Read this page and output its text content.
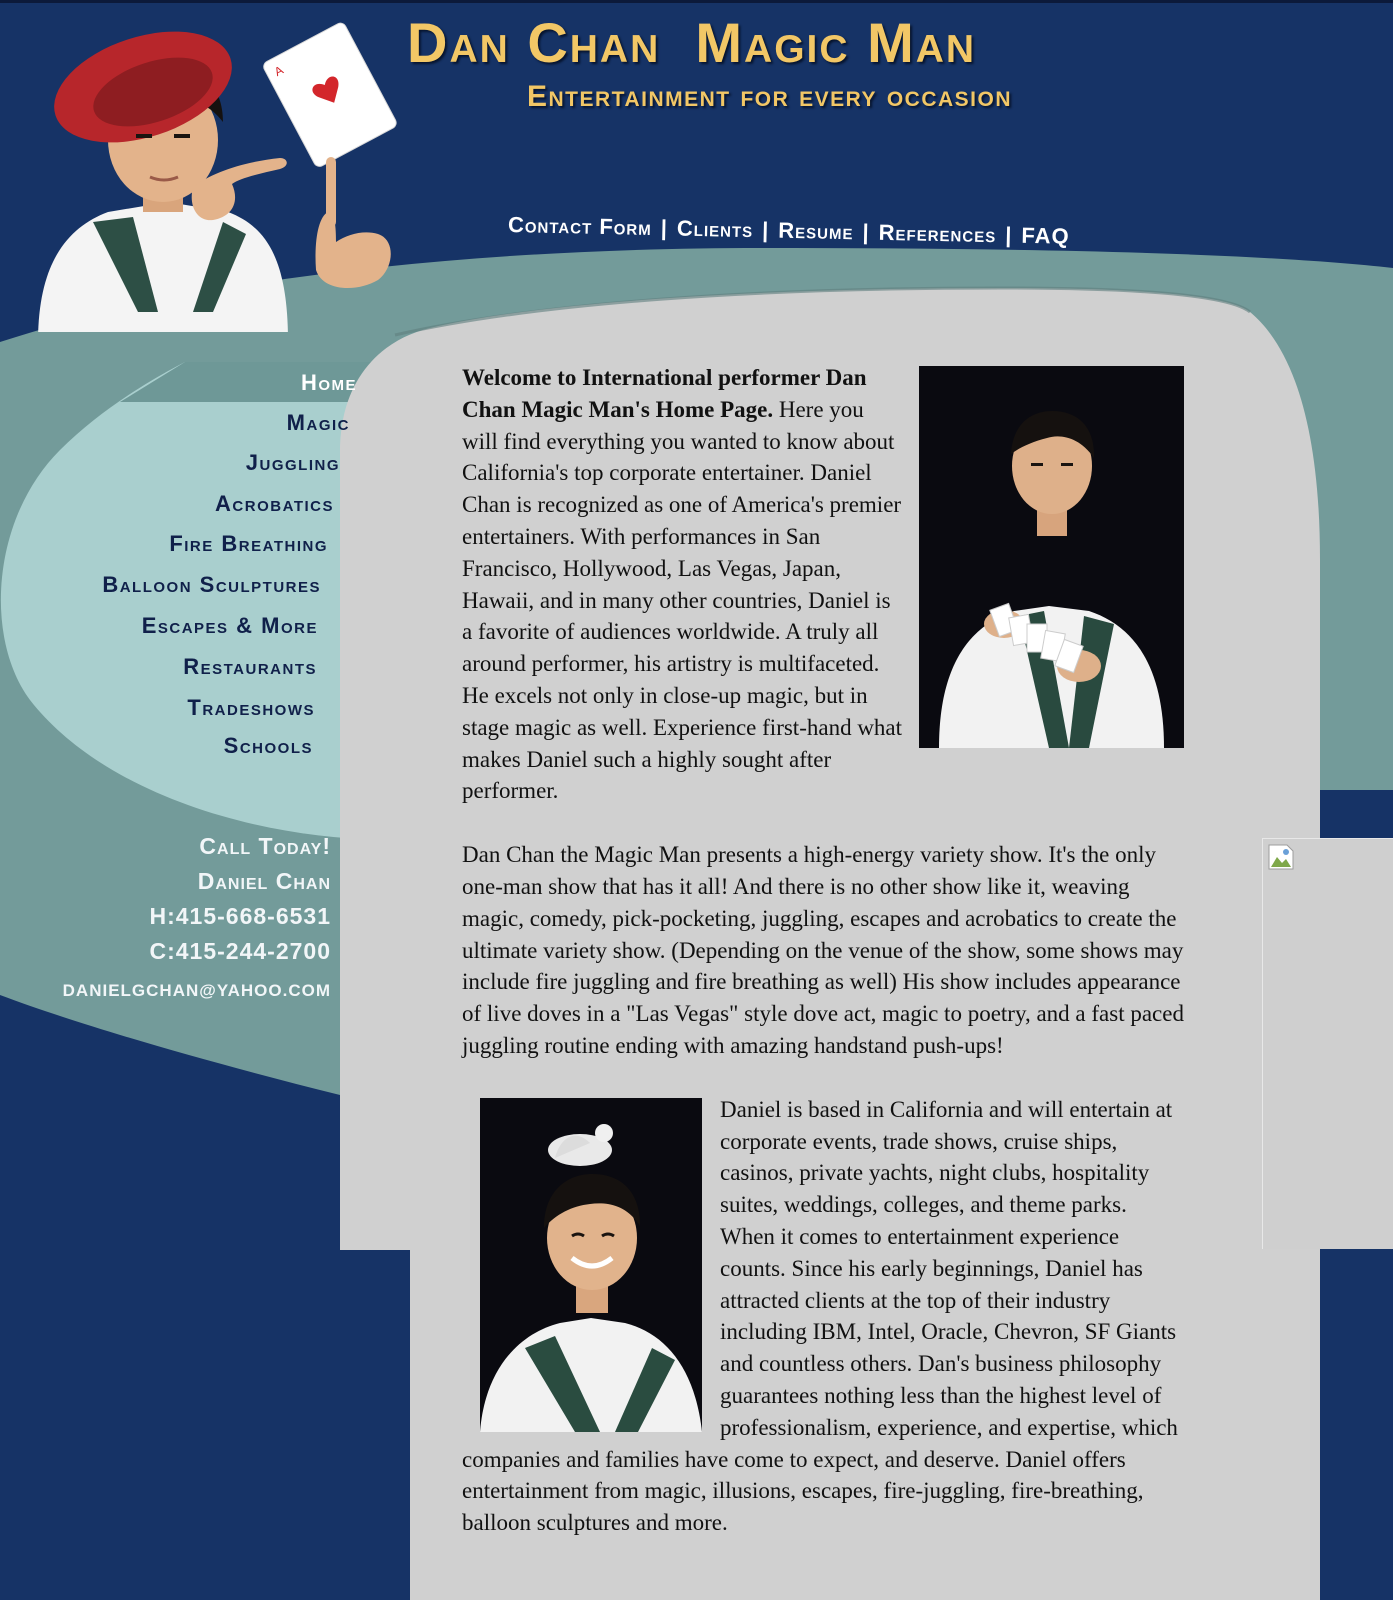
A Dan Chan  Magic Man
Entertainment for every occasion
Contact Form | Clients | Resume | References | FAQ
Home
Magic
Juggling
Acrobatics
Fire Breathing
Balloon Sculptures
Escapes & More
Restaurants
Tradeshows
Schools
Call Today!
Daniel Chan
H:415-668-6531
C:415-244-2700
DANIELGCHAN@YAHOO.COM

Welcome to International performer Dan Chan Magic Man's Home Page. Here you will find everything you wanted to know about California's top corporate entertainer. Daniel Chan is recognized as one of America's premier entertainers. With performances in San Francisco, Hollywood, Las Vegas, Japan, Hawaii, and in many other countries, Daniel is a favorite of audiences worldwide. A truly all around performer, his artistry is multifaceted. He excels not only in close-up magic, but in stage magic as well. Experience first-hand what makes Daniel such a highly sought after performer.

Dan Chan the Magic Man presents a high-energy variety show. It's the only one-man show that has it all! And there is no other show like it, weaving magic, comedy, pick-pocketing, juggling, escapes and acrobatics to create the ultimate variety show. (Depending on the venue of the show, some shows may include fire juggling and fire breathing as well) His show includes appearance of live doves in a "Las Vegas" style dove act, magic to poetry, and a fast paced juggling routine ending with amazing handstand push-ups!

Daniel is based in California and will entertain at corporate events, trade shows, cruise ships, casinos, private yachts, night clubs, hospitality suites, weddings, colleges, and theme parks. When it comes to entertainment experience counts. Since his early beginnings, Daniel has attracted clients at the top of their industry including IBM, Intel, Oracle, Chevron, SF Giants and countless others. Dan's business philosophy guarantees nothing less than the highest level of professionalism, experience, and expertise, which companies and families have come to expect, and deserve. Daniel offers entertainment from magic, illusions, escapes, fire-juggling, fire-breathing, balloon sculptures and more.
